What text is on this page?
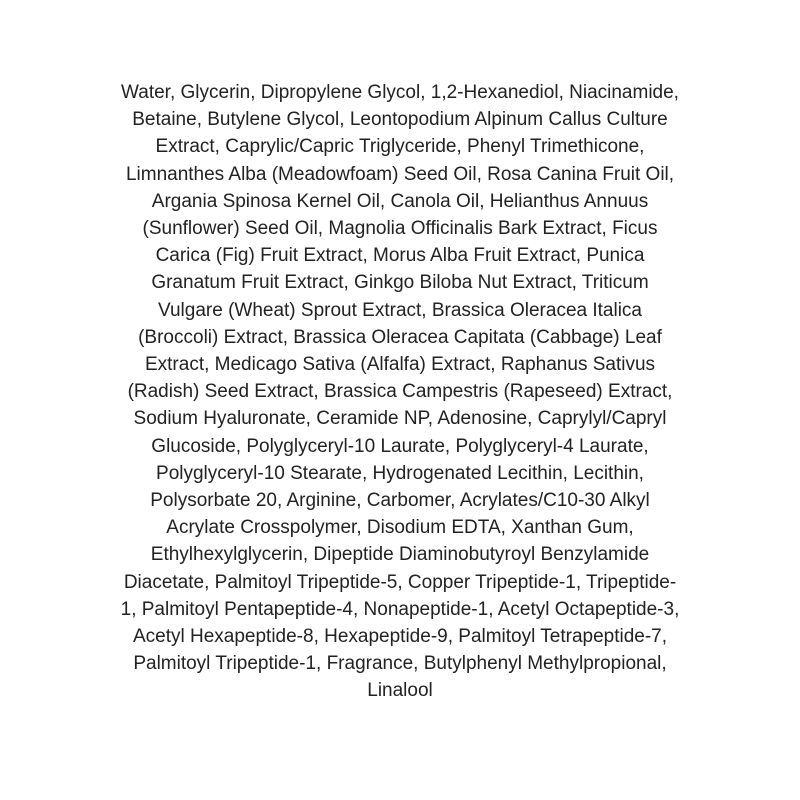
Water, Glycerin, Dipropylene Glycol, 1,2-Hexanediol, Niacinamide,
Betaine, Butylene Glycol, Leontopodium Alpinum Callus Culture
Extract, Caprylic/Capric Triglyceride, Phenyl Trimethicone,
Limnanthes Alba (Meadowfoam) Seed Oil, Rosa Canina Fruit Oil,
Argania Spinosa Kernel Oil, Canola Oil, Helianthus Annuus
(Sunflower) Seed Oil, Magnolia Officinalis Bark Extract, Ficus
Carica (Fig) Fruit Extract, Morus Alba Fruit Extract, Punica
Granatum Fruit Extract, Ginkgo Biloba Nut Extract, Triticum
Vulgare (Wheat) Sprout Extract, Brassica Oleracea Italica
(Broccoli) Extract, Brassica Oleracea Capitata (Cabbage) Leaf
Extract, Medicago Sativa (Alfalfa) Extract, Raphanus Sativus
(Radish) Seed Extract, Brassica Campestris (Rapeseed) Extract,
Sodium Hyaluronate, Ceramide NP, Adenosine, Caprylyl/Capryl
Glucoside, Polyglyceryl-10 Laurate, Polyglyceryl-4 Laurate,
Polyglyceryl-10 Stearate, Hydrogenated Lecithin, Lecithin,
Polysorbate 20, Arginine, Carbomer, Acrylates/C10-30 Alkyl
Acrylate Crosspolymer, Disodium EDTA, Xanthan Gum,
Ethylhexylglycerin, Dipeptide Diaminobutyroyl Benzylamide
Diacetate, Palmitoyl Tripeptide-5, Copper Tripeptide-1, Tripeptide-
1, Palmitoyl Pentapeptide-4, Nonapeptide-1, Acetyl Octapeptide-3,
Acetyl Hexapeptide-8, Hexapeptide-9, Palmitoyl Tetrapeptide-7,
Palmitoyl Tripeptide-1, Fragrance, Butylphenyl Methylpropional,
Linalool
